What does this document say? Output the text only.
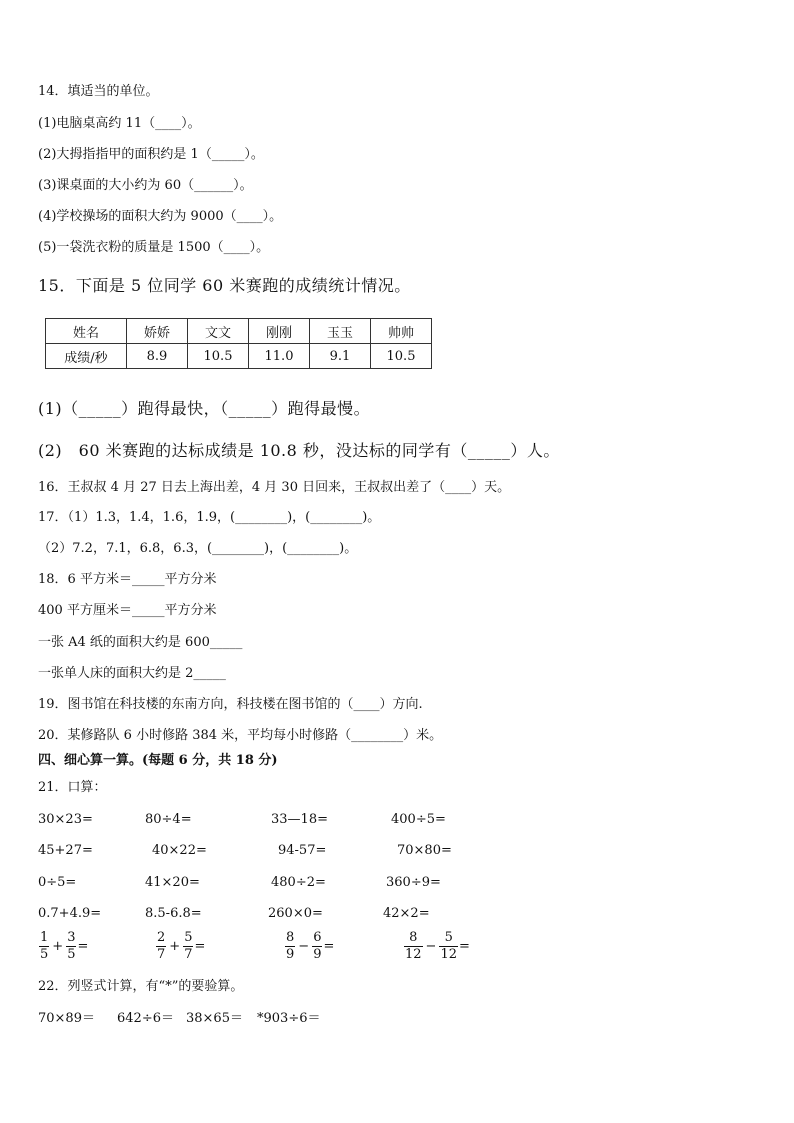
14．填适当的单位。
(1)电脑桌高约 11（____）。
(2)大拇指指甲的面积约是 1（_____）。
(3)课桌面的大小约为 60（______）。
(4)学校操场的面积大约为 9000（____）。
(5)一袋洗衣粉的质量是 1500（____）。
15．下面是 5 位同学 60 米赛跑的成绩统计情况。
姓名	娇娇	文文	刚刚	玉玉	帅帅
成绩/秒	8.9	10.5	11.0	9.1	10.5
(1)（_____）跑得最快，（_____）跑得最慢。
(2)　60 米赛跑的达标成绩是 10.8 秒，没达标的同学有（_____）人。
16．王叔叔 4 月 27 日去上海出差，4 月 30 日回来，王叔叔出差了（____）天。
17．（1）1.3，1.4，1.6，1.9，(________)，(________)。
（2）7.2，7.1，6.8，6.3，(________)，(________)。
18．6 平方米＝_____平方分米
400 平方厘米＝_____平方分米
一张 A4 纸的面积大约是 600_____
一张单人床的面积大约是 2_____
19．图书馆在科技楼的东南方向，科技楼在图书馆的（____）方向.
20．某修路队 6 小时修路 384 米，平均每小时修路（________）米。
四、细心算一算。(每题 6 分，共 18 分)
21．口算：
30×23=	80÷4=	33—18=	400÷5=
45+27=	40×22=	94-57=	70×80=
0÷5=	41×20=	480÷2=	360÷9=
0.7+4.9=	8.5-6.8=	260×0=	42×2=
$\frac{1}{5} + \frac{3}{5}$ =	$\frac{2}{7} + \frac{5}{7}$ =	$\frac{8}{9} - \frac{6}{9}$ =	$\frac{8}{12} - \frac{5}{12}$ =
22．列竖式计算，有“*”的要验算。
70×89＝ 642÷6＝ 38×65＝ *903÷6＝
